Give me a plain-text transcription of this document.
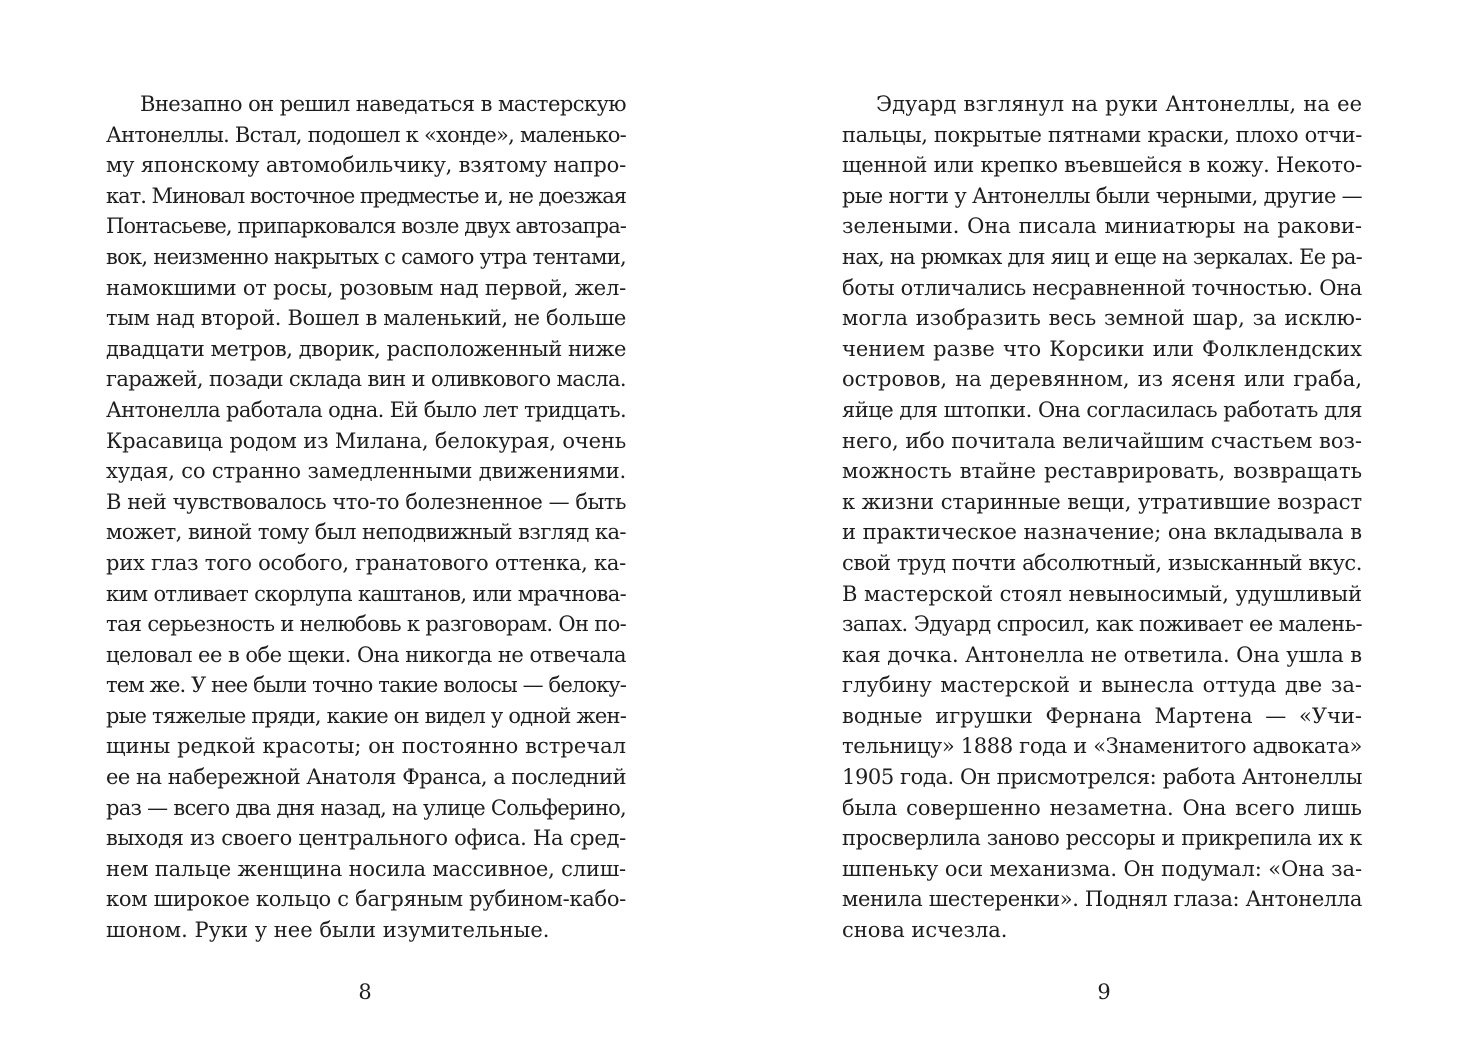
Внезапно он решил наведаться в мастерскую
Антонеллы. Встал, подошел к «хонде», маленько-
му японскому автомобильчику, взятому напро-
кат. Миновал восточное предместье и, не доезжая
Понтасьеве, припарковался возле двух автозапра-
вок, неизменно накрытых с самого утра тентами,
намокшими от росы, розовым над первой, жел-
тым над второй. Вошел в маленький, не больше
двадцати метров, дворик, расположенный ниже
гаражей, позади склада вин и оливкового масла.
Антонелла работала одна. Ей было лет тридцать.
Красавица родом из Милана, белокурая, очень
худая, со странно замедленными движениями.
В ней чувствовалось что-то болезненное — быть
может, виной тому был неподвижный взгляд ка-
рих глаз того особого, гранатового оттенка, ка-
ким отливает скорлупа каштанов, или мрачнова-
тая серьезность и нелюбовь к разговорам. Он по-
целовал ее в обе щеки. Она никогда не отвечала
тем же. У нее были точно такие волосы — белоку-
рые тяжелые пряди, какие он видел у одной жен-
щины редкой красоты; он постоянно встречал
ее на набережной Анатоля Франса, а последний
раз — всего два дня назад, на улице Сольферино,
выходя из своего центрального офиса. На сред-
нем пальце женщина носила массивное, слиш-
ком широкое кольцо с багряным рубином-кабо-
шоном. Руки у нее были изумительные.
8
Эдуард взглянул на руки Антонеллы, на ее
пальцы, покрытые пятнами краски, плохо отчи-
щенной или крепко въевшейся в кожу. Некото-
рые ногти у Антонеллы были черными, другие —
зелеными. Она писала миниатюры на ракови-
нах, на рюмках для яиц и еще на зеркалах. Ее ра-
боты отличались несравненной точностью. Она
могла изобразить весь земной шар, за исклю-
чением разве что Корсики или Фолклендских
островов, на деревянном, из ясеня или граба,
яйце для штопки. Она согласилась работать для
него, ибо почитала величайшим счастьем воз-
можность втайне реставрировать, возвращать
к жизни старинные вещи, утратившие возраст
и практическое назначение; она вкладывала в
свой труд почти абсолютный, изысканный вкус.
В мастерской стоял невыносимый, удушливый
запах. Эдуард спросил, как поживает ее малень-
кая дочка. Антонелла не ответила. Она ушла в
глубину мастерской и вынесла оттуда две за-
водные игрушки Фернана Мартена — «Учи-
тельницу» 1888 года и «Знаменитого адвоката»
1905 года. Он присмотрелся: работа Антонеллы
была совершенно незаметна. Она всего лишь
просверлила заново рессоры и прикрепила их к
шпеньку оси механизма. Он подумал: «Она за-
менила шестеренки». Поднял глаза: Антонелла
снова исчезла.
9
